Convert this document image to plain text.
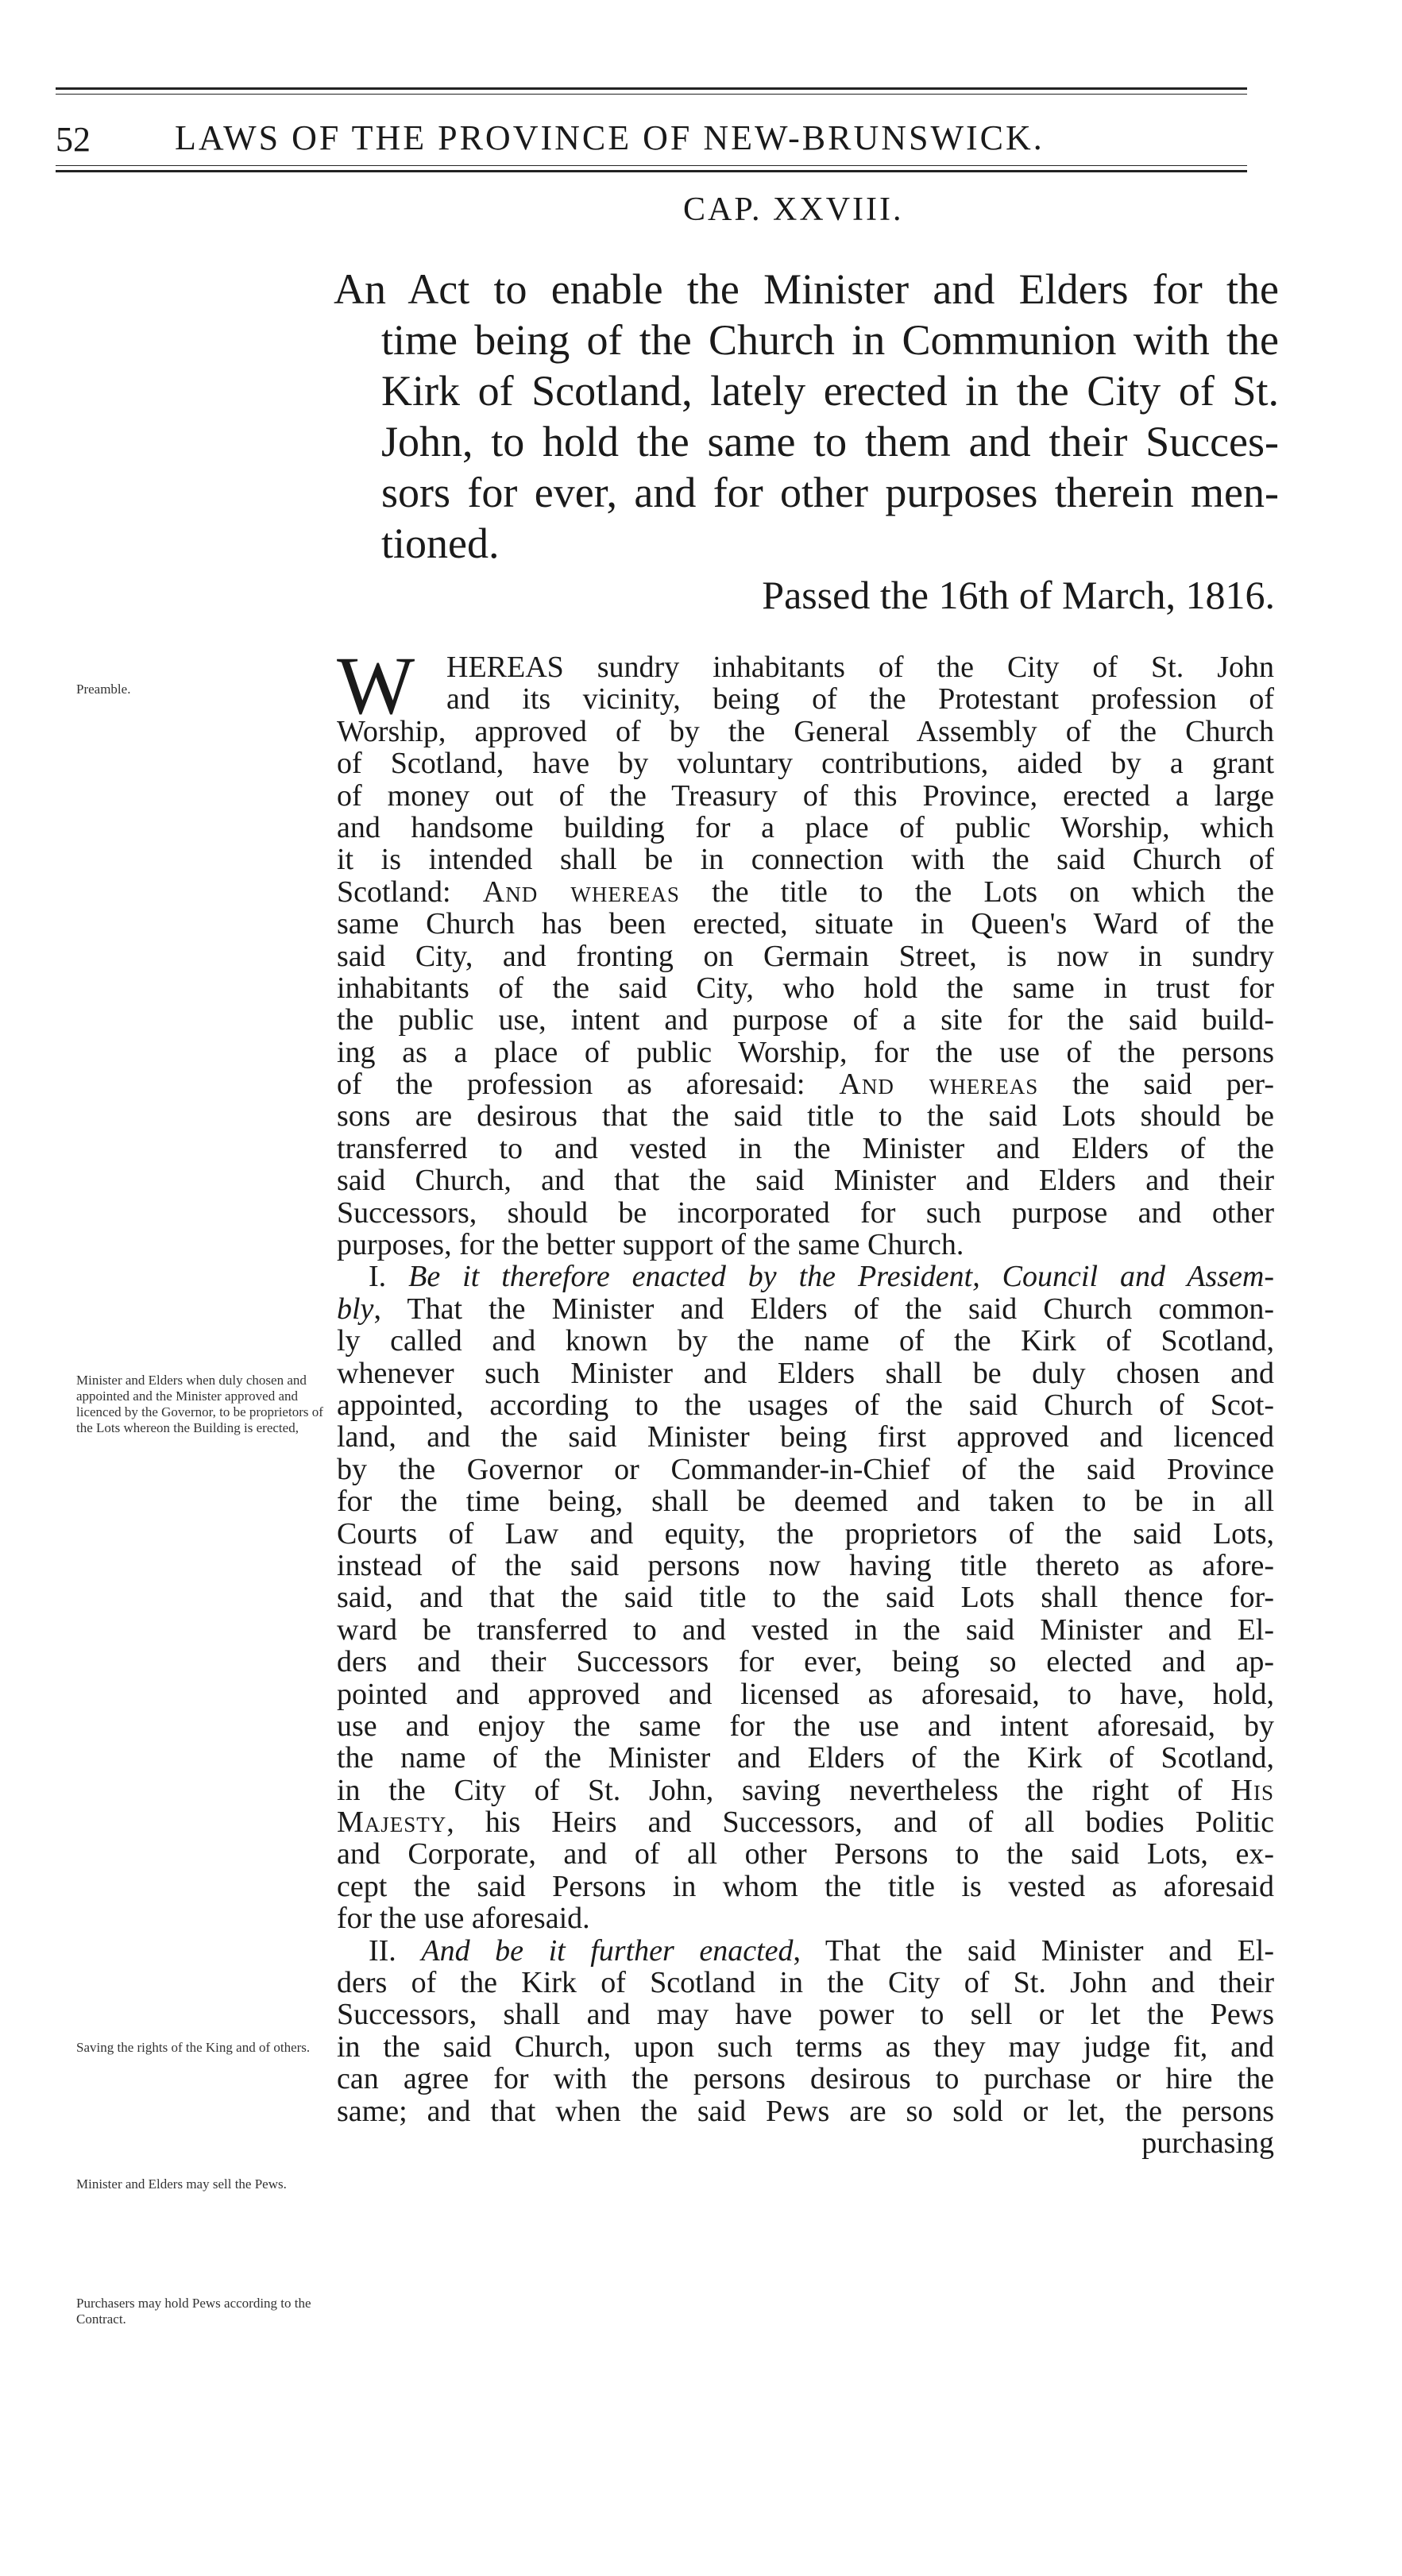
52 LAWS OF THE PROVINCE OF NEW-BRUNSWICK.
CAP. XXVIII.
An Act to enable the Minister and Elders for the
time being of the Church in Communion with the
Kirk of Scotland, lately erected in the City of St.
John, to hold the same to them and their Succes-
sors for ever, and for other purposes therein men-
tioned.
Passed the 16th of March, 1816.
W	HEREAS sundry inhabitants of the City of St. John
and its vicinity, being of the Protestant profession of
Worship, approved of by the General Assembly of the Church
of Scotland, have by voluntary contributions, aided by a grant
of money out of the Treasury of this Province, erected a large
and handsome building for a place of public Worship, which
it is intended shall be in connection with the said Church of
Scotland: And whereas the title to the Lots on which the
same Church has been erected, situate in Queen's Ward of the
said City, and fronting on Germain Street, is now in sundry
inhabitants of the said City, who hold the same in trust for
the public use, intent and purpose of a site for the said build-
ing as a place of public Worship, for the use of the persons
of the profession as aforesaid: And whereas the said per-
sons are desirous that the said title to the said Lots should be
transferred to and vested in the Minister and Elders of the
said Church, and that the said Minister and Elders and their
Successors, should be incorporated for such purpose and other
purposes, for the better support of the same Church.
I. Be it therefore enacted by the President, Council and Assem-
bly, That the Minister and Elders of the said Church common-
ly called and known by the name of the Kirk of Scotland,
whenever such Minister and Elders shall be duly chosen and
appointed, according to the usages of the said Church of Scot-
land, and the said Minister being first approved and licenced
by the Governor or Commander-in-Chief of the said Province
for the time being, shall be deemed and taken to be in all
Courts of Law and equity, the proprietors of the said Lots,
instead of the said persons now having title thereto as afore-
said, and that the said title to the said Lots shall thence for-
ward be transferred to and vested in the said Minister and El-
ders and their Successors for ever, being so elected and ap-
pointed and approved and licensed as aforesaid, to have, hold,
use and enjoy the same for the use and intent aforesaid, by
the name of the Minister and Elders of the Kirk of Scotland,
in the City of St. John, saving nevertheless the right of His
Majesty, his Heirs and Successors, and of all bodies Politic
and Corporate, and of all other Persons to the said Lots, ex-
cept the said Persons in whom the title is vested as aforesaid
for the use aforesaid.
II. And be it further enacted, That the said Minister and El-
ders of the Kirk of Scotland in the City of St. John and their
Successors, shall and may have power to sell or let the Pews
in the said Church, upon such terms as they may judge fit, and
can agree for with the persons desirous to purchase or hire the
same; and that when the said Pews are so sold or let, the persons
purchasing
Preamble.
Minister and Elders when duly chosen and appointed and the Minister approved and licenced by the Governor, to be proprietors of the Lots whereon the Building is erected,
Saving the rights of the King and of others.
Minister and Elders may sell the Pews.
Purchasers may hold Pews according to the Contract.
